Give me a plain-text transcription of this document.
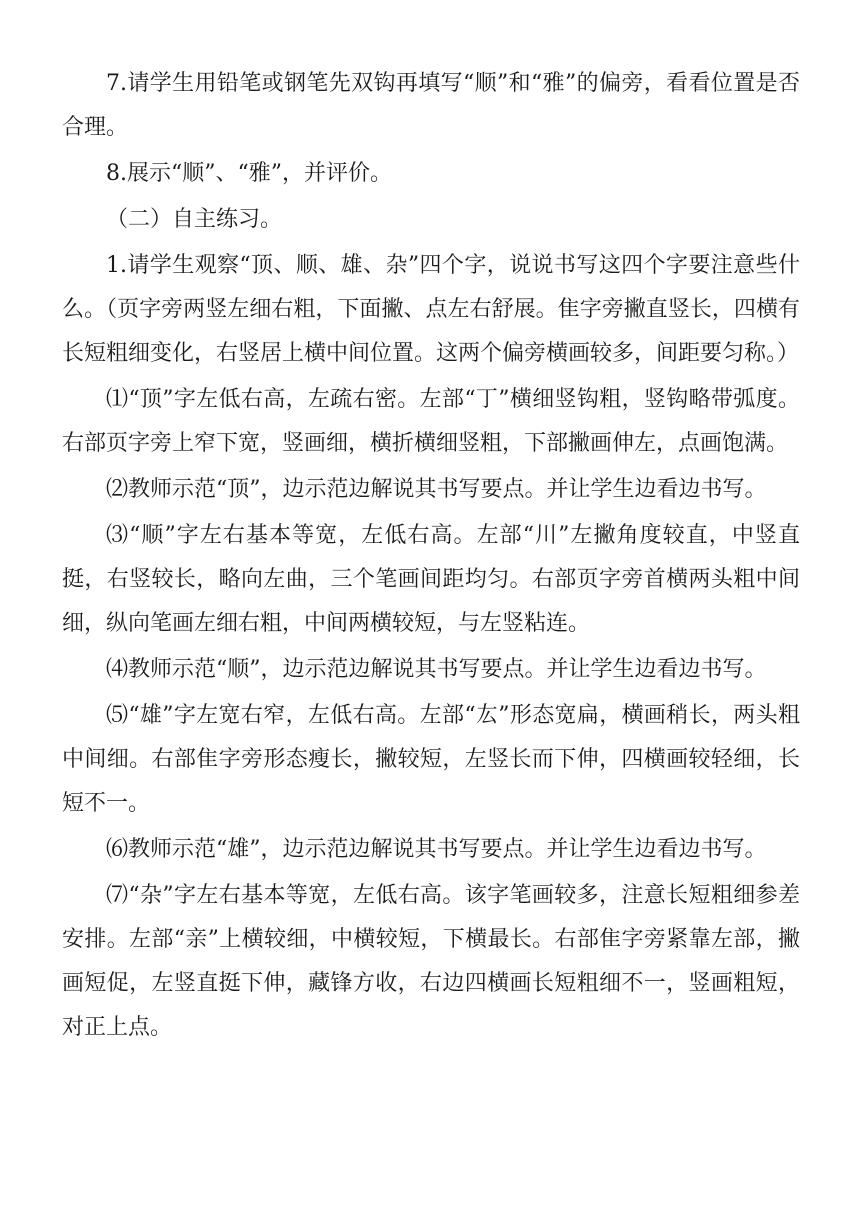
7.请学生用铅笔或钢笔先双钩再填写“顺”和“雅”的偏旁，看看位置是否合理。

8.展示“顺”、“雅”，并评价。

（二）自主练习。

1.请学生观察“顶、顺、雄、杂”四个字，说说书写这四个字要注意些什么。（页字旁两竖左细右粗，下面撇、点左右舒展。隹字旁撇直竖长，四横有长短粗细变化，右竖居上横中间位置。这两个偏旁横画较多，间距要匀称。）

⑴“顶”字左低右高，左疏右密。左部“丁”横细竖钩粗，竖钩略带弧度。右部页字旁上窄下宽，竖画细，横折横细竖粗，下部撇画伸左，点画饱满。

⑵教师示范“顶”，边示范边解说其书写要点。并让学生边看边书写。

⑶“顺”字左右基本等宽，左低右高。左部“川”左撇角度较直，中竖直挺，右竖较长，略向左曲，三个笔画间距均匀。右部页字旁首横两头粗中间细，纵向笔画左细右粗，中间两横较短，与左竖粘连。

⑷教师示范“顺”，边示范边解说其书写要点。并让学生边看边书写。

⑸“雄”字左宽右窄，左低右高。左部“厷”形态宽扁，横画稍长，两头粗中间细。右部隹字旁形态瘦长，撇较短，左竖长而下伸，四横画较轻细，长短不一。

⑹教师示范“雄”，边示范边解说其书写要点。并让学生边看边书写。

⑺“杂”字左右基本等宽，左低右高。该字笔画较多，注意长短粗细参差安排。左部“亲”上横较细，中横较短，下横最长。右部隹字旁紧靠左部，撇画短促，左竖直挺下伸，藏锋方收，右边四横画长短粗细不一，竖画粗短，对正上点。
